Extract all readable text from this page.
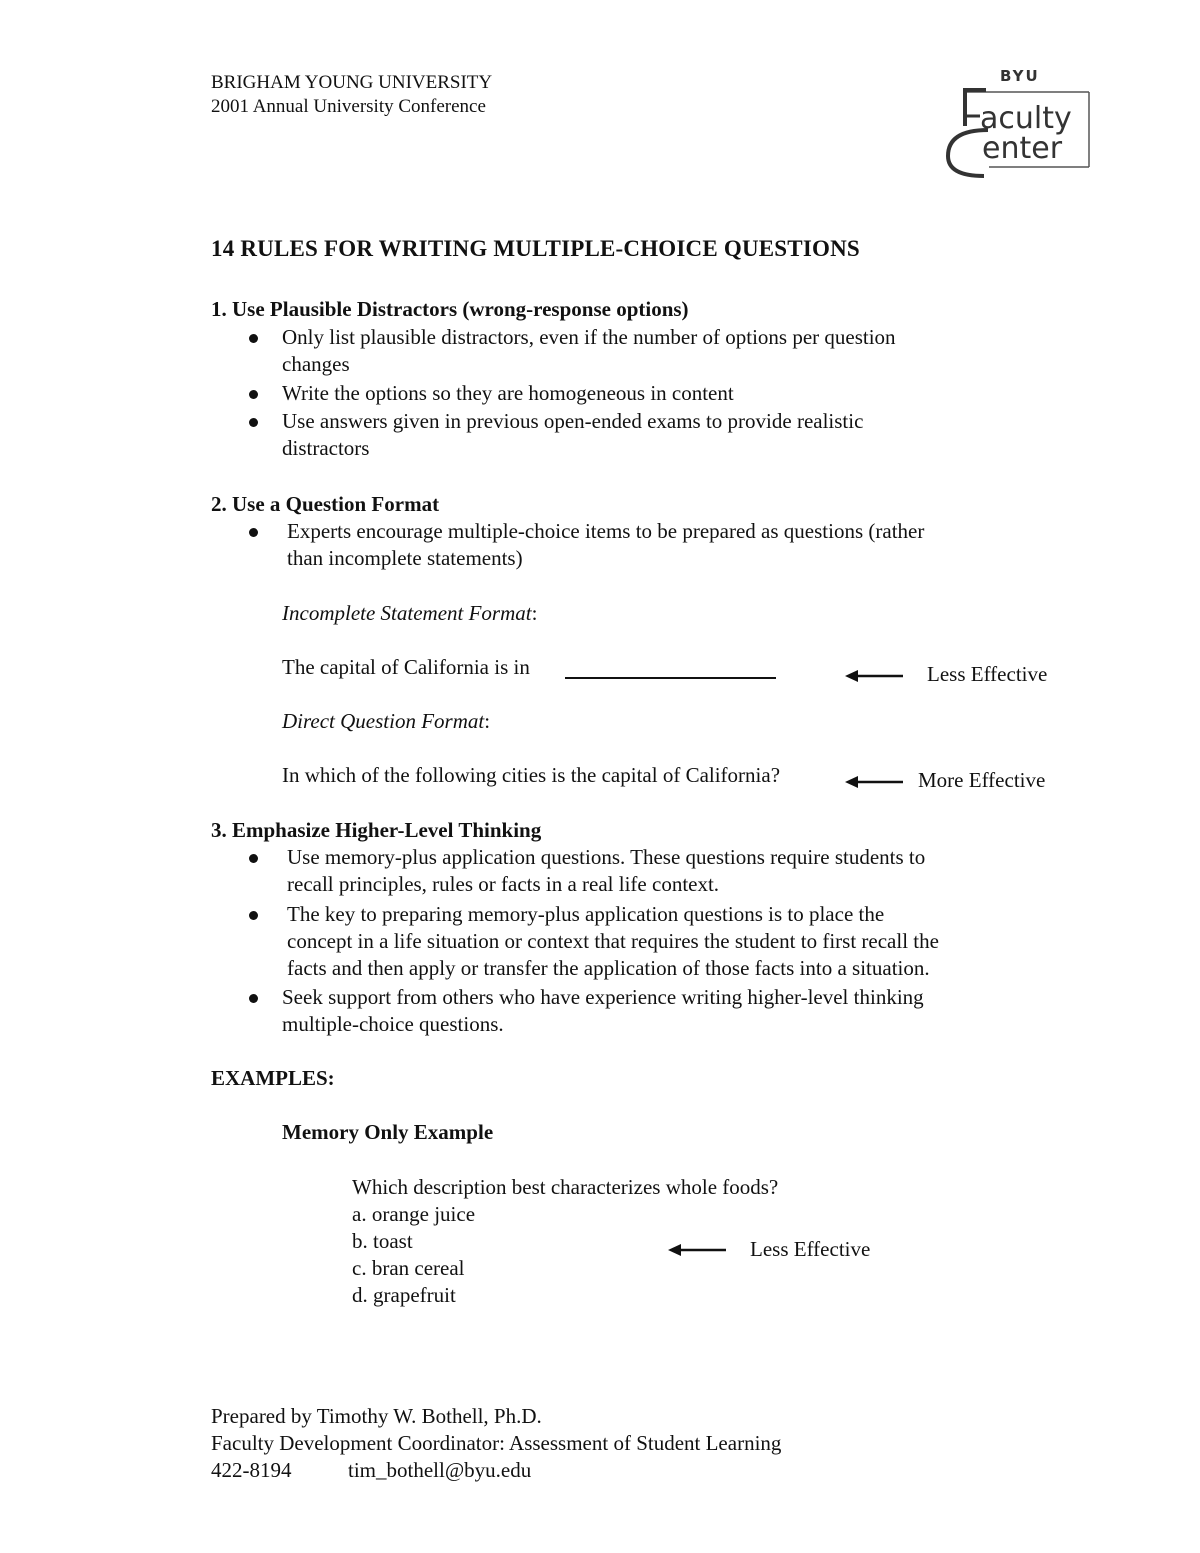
BRIGHAM YOUNG UNIVERSITY
2001 Annual University Conference
BYU
aculty
enter
14 RULES FOR WRITING MULTIPLE-CHOICE QUESTIONS
1. Use Plausible Distractors (wrong-response options)
Only list plausible distractors, even if the number of options per question
changes
Write the options so they are homogeneous in content
Use answers given in previous open-ended exams to provide realistic
distractors
2. Use a Question Format
Experts encourage multiple-choice items to be prepared as questions (rather
than incomplete statements)
Incomplete Statement Format:
The capital of California is in	Less Effective
Direct Question Format:
In which of the following cities is the capital of California?	More Effective
3. Emphasize Higher-Level Thinking
Use memory-plus application questions. These questions require students to
recall principles, rules or facts in a real life context.
The key to preparing memory-plus application questions is to place the
concept in a life situation or context that requires the student to first recall the
facts and then apply or transfer the application of those facts into a situation.
Seek support from others who have experience writing higher-level thinking
multiple-choice questions.
EXAMPLES:
Memory Only Example
Which description best characterizes whole foods?
a. orange juice
b. toast
c. bran cereal
d. grapefruit
Less Effective
Prepared by Timothy W. Bothell, Ph.D.
Faculty Development Coordinator: Assessment of Student Learning
422-8194	tim_bothell@byu.edu
